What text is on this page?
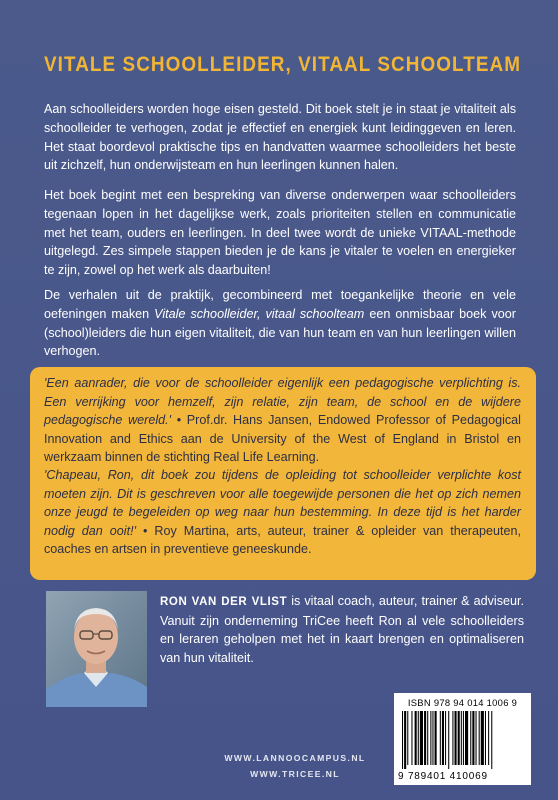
VITALE SCHOOLLEIDER, VITAAL SCHOOLTEAM
Aan schoolleiders worden hoge eisen gesteld. Dit boek stelt je in staat je vitaliteit als schoolleider te verhogen, zodat je effectief en energiek kunt leidinggeven en leren. Het staat boordevol praktische tips en handvatten waarmee schoolleiders het beste uit zichzelf, hun onderwijsteam en hun leerlingen kunnen halen.
Het boek begint met een bespreking van diverse onderwerpen waar schoolleiders tegenaan lopen in het dagelijkse werk, zoals prioriteiten stellen en communicatie met het team, ouders en leerlingen. In deel twee wordt de unieke VITAAL-methode uitgelegd. Zes simpele stappen bieden je de kans je vitaler te voelen en energieker te zijn, zowel op het werk als daarbuiten!
De verhalen uit de praktijk, gecombineerd met toegankelijke theorie en vele oefeningen maken Vitale schoolleider, vitaal schoolteam een onmisbaar boek voor (school)leiders die hun eigen vitaliteit, die van hun team en van hun leerlingen willen verhogen.
'Een aanrader, die voor de schoolleider eigenlijk een pedagogische verplichting is. Een verrijking voor hemzelf, zijn relatie, zijn team, de school en de wijdere pedagogische wereld.' • Prof.dr. Hans Jansen, Endowed Professor of Pedagogical Innovation and Ethics aan de University of the West of England in Bristol en werkzaam binnen de stichting Real Life Learning.
'Chapeau, Ron, dit boek zou tijdens de opleiding tot schoolleider verplichte kost moeten zijn. Dit is geschreven voor alle toegewijde personen die het op zich nemen onze jeugd te begeleiden op weg naar hun bestemming. In deze tijd is het harder nodig dan ooit!' • Roy Martina, arts, auteur, trainer & opleider van therapeuten, coaches en artsen in preventieve geneeskunde.
RON VAN DER VLIST is vitaal coach, auteur, trainer & adviseur. Vanuit zijn onderneming TriCee heeft Ron al vele schoolleiders en leraren geholpen met het in kaart brengen en optimaliseren van hun vitaliteit.
ISBN 978 94 014 1006 9
9 789401 410069
WWW.LANNOOCAMPUS.NL
WWW.TRICEE.NL
